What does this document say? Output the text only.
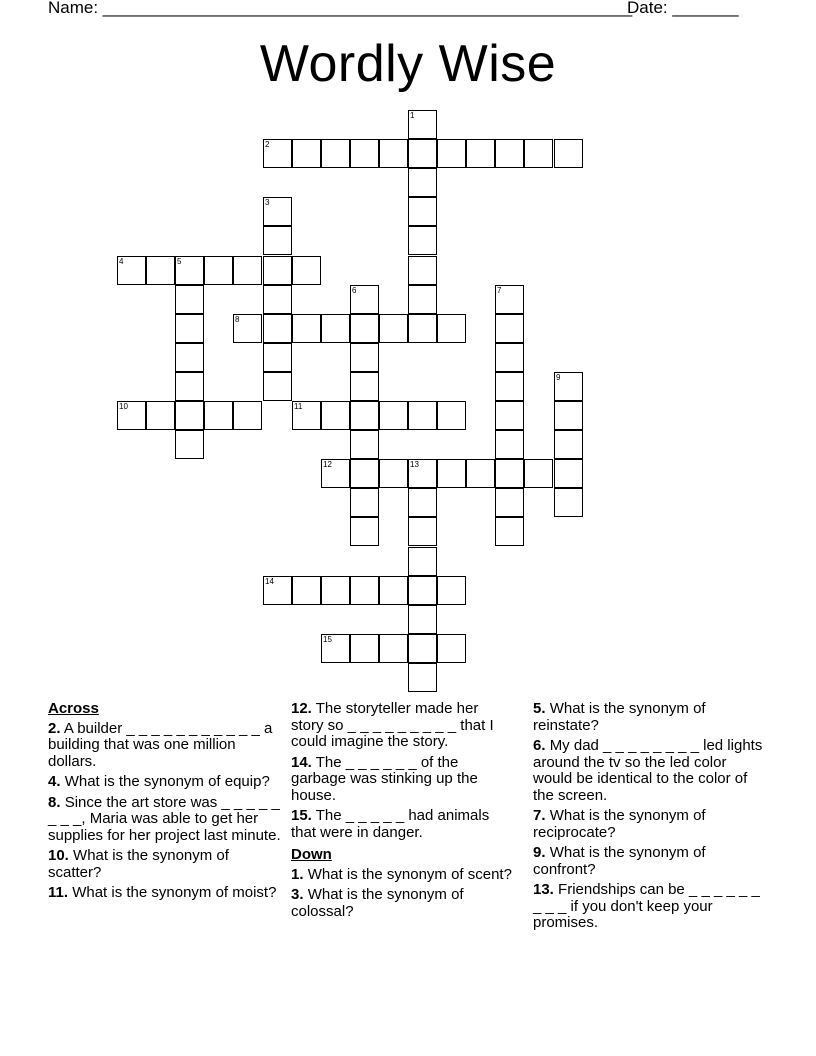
Name: ________________________________________________________
Date: _______
Wordly Wise
1
2
3
4	5
6	7
8
9
10	11
12	13
14
15
Across
2. A builder _ _ _ _ _ _ _ _ _ _ _ a building that was one million dollars.
4. What is the synonym of equip?
8. Since the art store was _ _ _ _ _ _ _ _, Maria was able to get her supplies for her project last minute.
10. What is the synonym of scatter?
11. What is the synonym of moist?
12. The storyteller made her story so _ _ _ _ _ _ _ _ _ that I could imagine the story.
14. The _ _ _ _ _ _ of the garbage was stinking up the house.
15. The _ _ _ _ _ had animals that were in danger.
Down
1. What is the synonym of scent?
3. What is the synonym of colossal?
5. What is the synonym of reinstate?
6. My dad _ _ _ _ _ _ _ _ led lights around the tv so the led color would be identical to the color of the screen.
7. What is the synonym of reciprocate?
9. What is the synonym of confront?
13. Friendships can be _ _ _ _ _ _ _ _ _ if you don't keep your promises.
